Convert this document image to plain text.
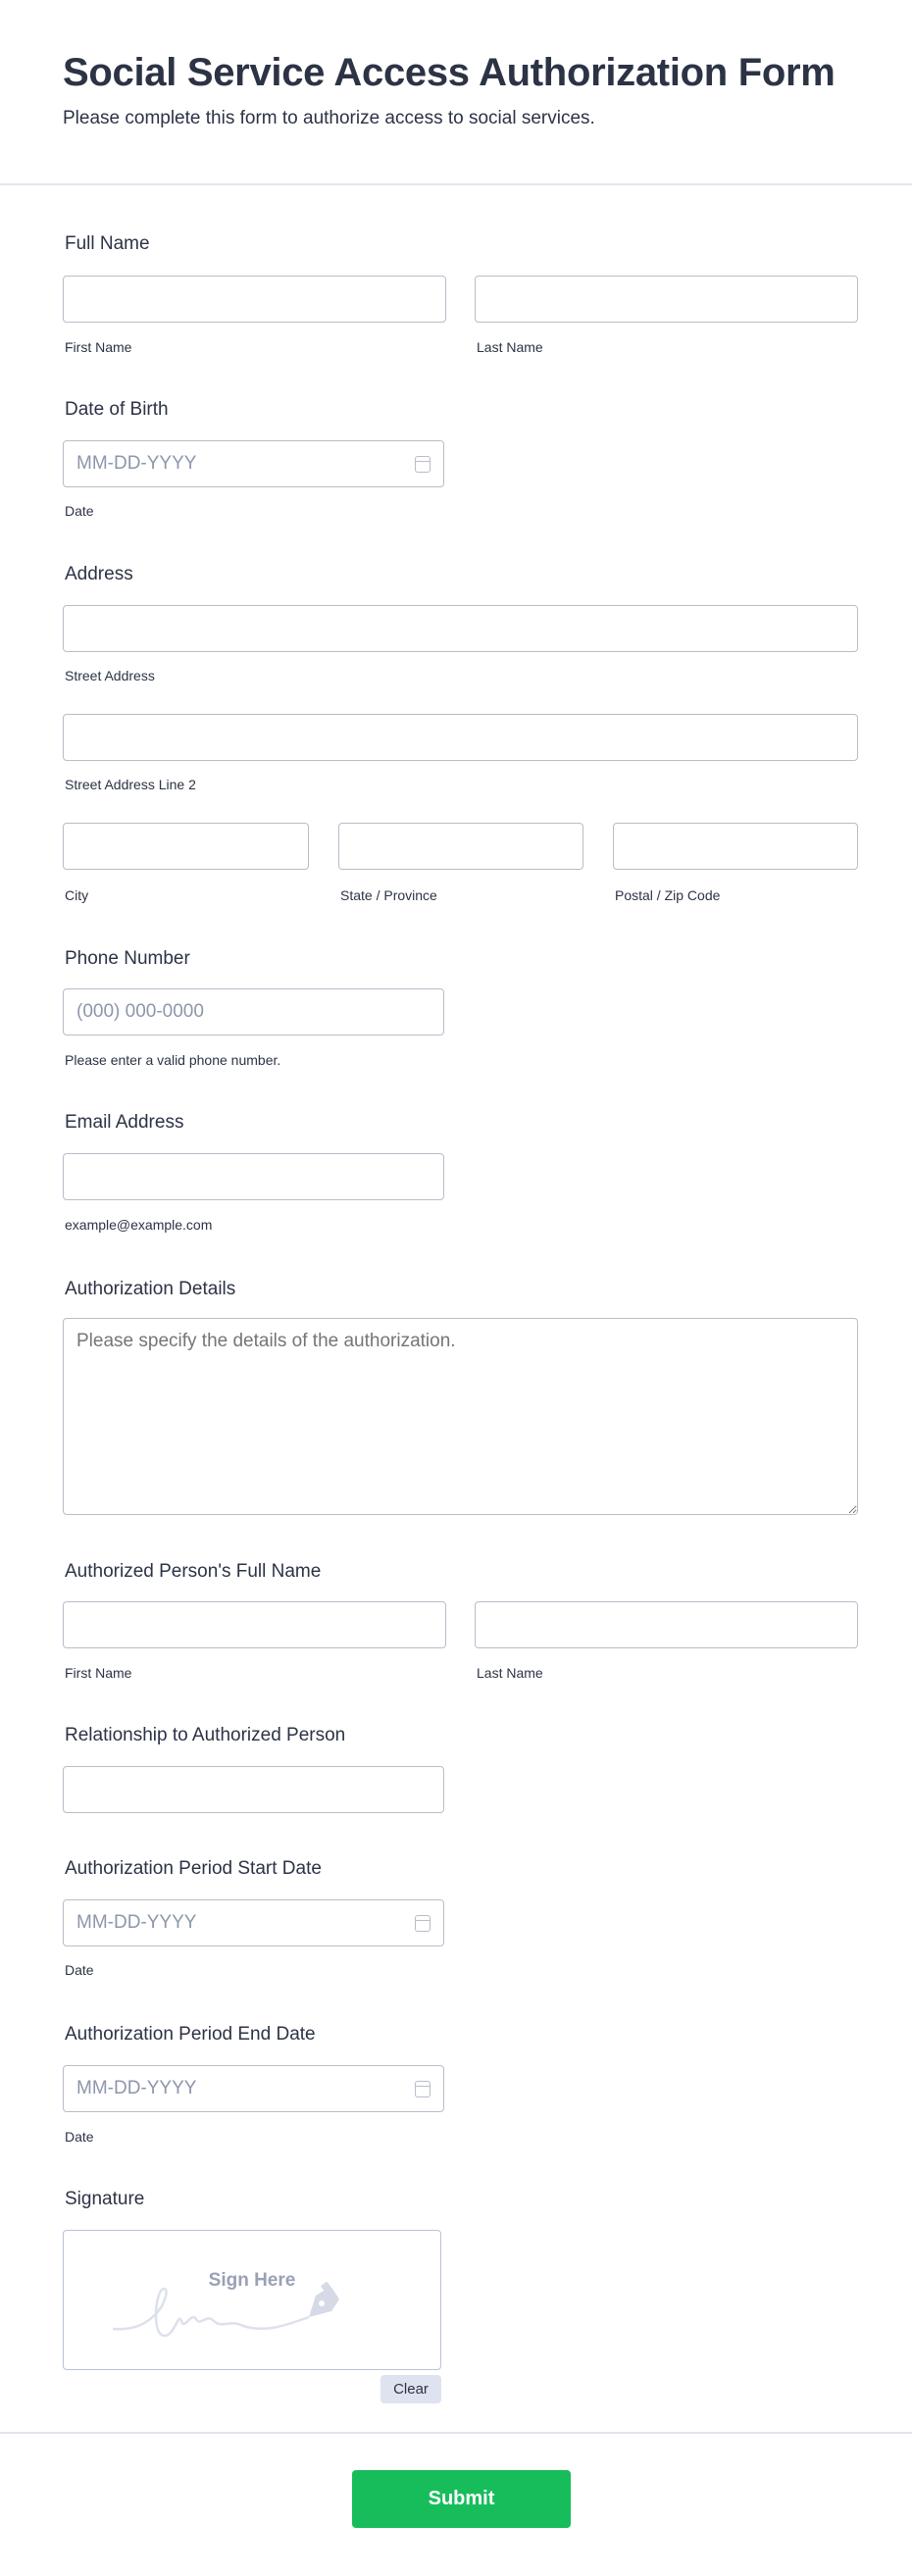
Social Service Access Authorization Form
Please complete this form to authorize access to social services.
Full Name
First Name	Last Name
Date of Birth
MM-DD-YYYY
Date
Address
Street Address
Street Address Line 2
City	State / Province	Postal / Zip Code
Phone Number
(000) 000-0000
Please enter a valid phone number.
Email Address
example@example.com
Authorization Details
Please specify the details of the authorization.
Authorized Person's Full Name
First Name	Last Name
Relationship to Authorized Person
Authorization Period Start Date
MM-DD-YYYY
Date
Authorization Period End Date
MM-DD-YYYY
Date
Signature
Sign Here
Clear
Submit
